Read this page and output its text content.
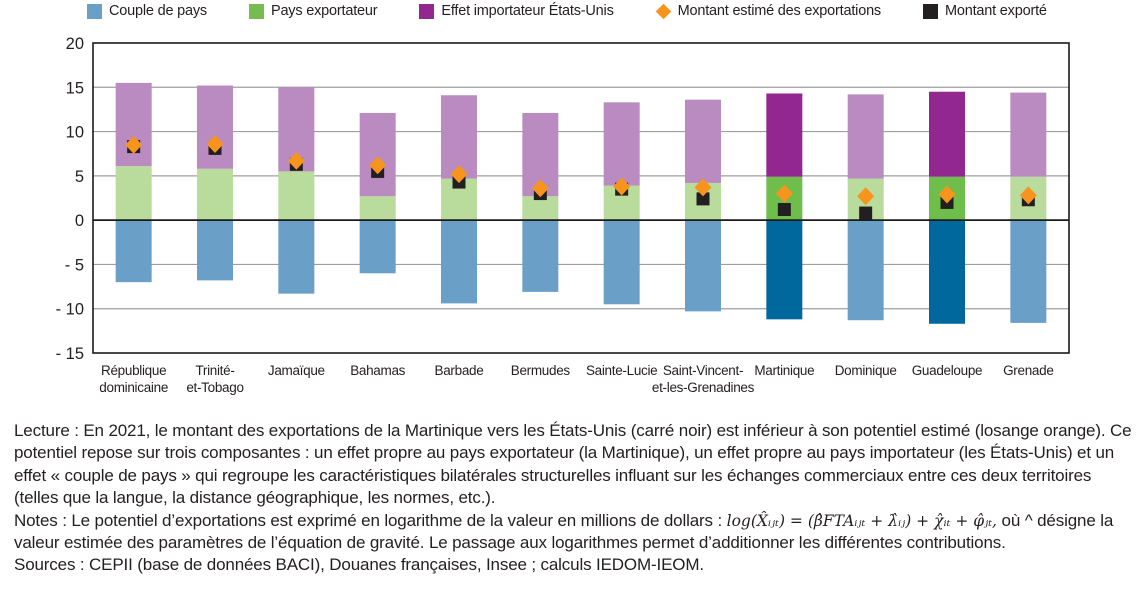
Couple de pays	Pays exportateur	Effet importateur États-Unis	Montant estimé des exportations	Montant exporté
20
15
10
5
0
- 5
- 10
- 15
République
dominicaine
Trinité-
et-Tobago
Jamaïque Bahamas Barbade Bermudes Sainte-Lucie Saint-Vincent-
et-les-Grenadines
Martinique Dominique Guadeloupe Grenade

Lecture : En 2021, le montant des exportations de la Martinique vers les États-Unis (carré noir) est inférieur à son potentiel estimé (losange orange). Ce potentiel repose sur trois composantes : un effet propre au pays exportateur (la Martinique), un effet propre au pays importateur (les États-Unis) et un effet « couple de pays » qui regroupe les caractéristiques bilatérales structurelles influant sur les échanges commerciaux entre ces deux territoires (telles que la langue, la distance géographique, les normes, etc.).

Notes : Le potentiel d’exportations est exprimé en logarithme de la valeur en millions de dollars : log(X̂ᵢⱼₜ) = (β̂FTAᵢⱼₜ + λ̂ᵢⱼ) + χ̂ᵢₜ + φ̂ⱼₜ, où ^ désigne la valeur estimée des paramètres de l’équation de gravité. Le passage aux logarithmes permet d’additionner les différentes contributions.

Sources : CEPII (base de données BACI), Douanes françaises, Insee ; calculs IEDOM-IEOM.
